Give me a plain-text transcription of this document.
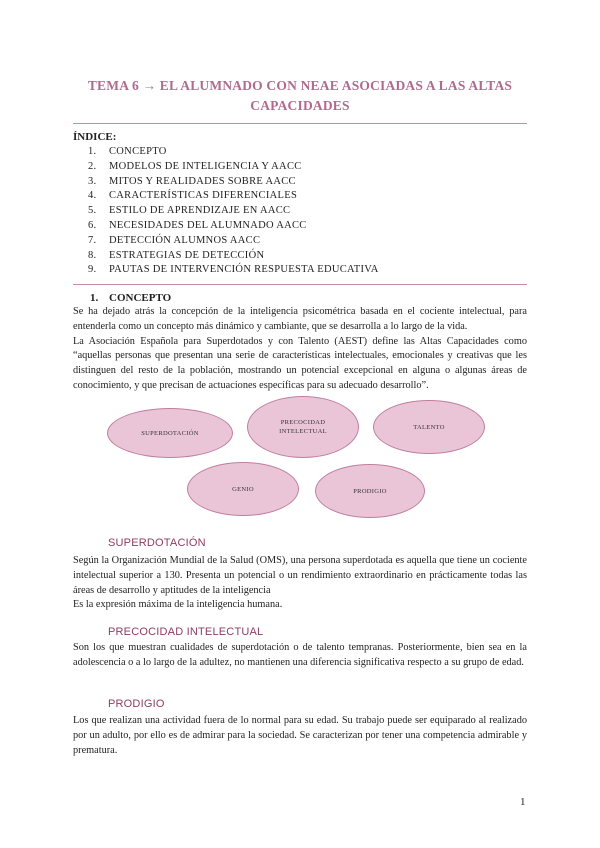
TEMA 6 → EL ALUMNADO CON NEAE ASOCIADAS A LAS ALTAS CAPACIDADES
ÍNDICE:
1.	CONCEPTO
2.	MODELOS DE INTELIGENCIA Y AACC
3.	MITOS Y REALIDADES SOBRE AACC
4.	CARACTERÍSTICAS DIFERENCIALES
5.	ESTILO DE APRENDIZAJE EN AACC
6.	NECESIDADES DEL ALUMNADO AACC
7.	DETECCIÓN ALUMNOS AACC
8.	ESTRATEGIAS DE DETECCIÓN
9.	PAUTAS DE INTERVENCIÓN RESPUESTA EDUCATIVA
1. CONCEPTO

Se ha dejado atrás la concepción de la inteligencia psicométrica basada en el cociente intelectual, para entenderla como un concepto más dinámico y cambiante, que se desarrolla a lo largo de la vida.

La Asociación Española para Superdotados y con Talento (AEST) define las Altas Capacidades como “aquellas personas que presentan una serie de características intelectuales, emocionales y creativas que les distinguen del resto de la población, mostrando un potencial excepcional en alguna o algunas áreas de conocimiento, y que precisan de actuaciones específicas para su adecuado desarrollo”.

SUPERDOTACIÓN
PRECOCIDAD INTELECTUAL
TALENTO
GENIO	PRODIGIO
SUPERDOTACIÓN

Según la Organización Mundial de la Salud (OMS), una persona superdotada es aquella que tiene un cociente intelectual superior a 130. Presenta un potencial o un rendimiento extraordinario en prácticamente todas las áreas de desarrollo y aptitudes de la inteligencia

Es la expresión máxima de la inteligencia humana.

PRECOCIDAD INTELECTUAL

Son los que muestran cualidades de superdotación o de talento tempranas. Posteriormente, bien sea en la adolescencia o a lo largo de la adultez, no mantienen una diferencia significativa respecto a su grupo de edad.

PRODIGIO

Los que realizan una actividad fuera de lo normal para su edad. Su trabajo puede ser equiparado al realizado por un adulto, por ello es de admirar para la sociedad. Se caracterizan por tener una competencia admirable y prematura.

1
